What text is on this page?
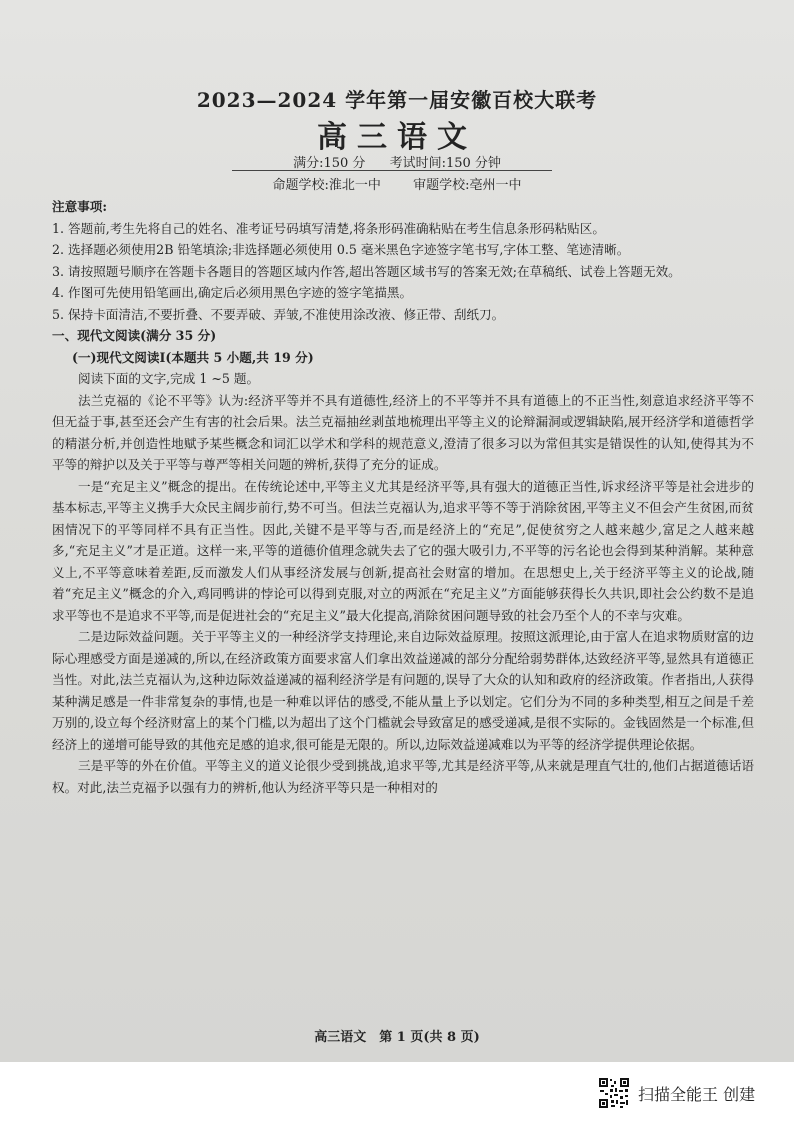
2023—2024 学年第一届安徽百校大联考
高三语文
满分:150 分 考试时间:150 分钟
命题学校:淮北一中 审题学校:亳州一中

注意事项:

1. 答题前,考生先将自己的姓名、准考证号码填写清楚,将条形码准确粘贴在考生信息条形码粘贴区。

2. 选择题必须使用2B 铅笔填涂;非选择题必须使用 0.5 毫米黑色字迹签字笔书写,字体工整、笔迹清晰。

3. 请按照题号顺序在答题卡各题目的答题区域内作答,超出答题区域书写的答案无效;在草稿纸、试卷上答题无效。

4. 作图可先使用铅笔画出,确定后必须用黑色字迹的签字笔描黑。

5. 保持卡面清洁,不要折叠、不要弄破、弄皱,不准使用涂改液、修正带、刮纸刀。

一、现代文阅读(满分 35 分)

(一)现代文阅读Ⅰ(本题共 5 小题,共 19 分)

阅读下面的文字,完成 1 ~5 题。

法兰克福的《论不平等》认为:经济平等并不具有道德性,经济上的不平等并不具有道德上的不正当性,刻意追求经济平等不但无益于事,甚至还会产生有害的社会后果。法兰克福抽丝剥茧地梳理出平等主义的论辩漏洞或逻辑缺陷,展开经济学和道德哲学的精湛分析,并创造性地赋予某些概念和词汇以学术和学科的规范意义,澄清了很多习以为常但其实是错误性的认知,使得其为不平等的辩护以及关于平等与尊严等相关问题的辨析,获得了充分的证成。

一是“充足主义”概念的提出。在传统论述中,平等主义尤其是经济平等,具有强大的道德正当性,诉求经济平等是社会进步的基本标志,平等主义携手大众民主阔步前行,势不可当。但法兰克福认为,追求平等不等于消除贫困,平等主义不但会产生贫困,而贫困情况下的平等同样不具有正当性。因此,关键不是平等与否,而是经济上的“充足”,促使贫穷之人越来越少,富足之人越来越多,“充足主义”才是正道。这样一来,平等的道德价值理念就失去了它的强大吸引力,不平等的污名论也会得到某种消解。某种意义上,不平等意味着差距,反而激发人们从事经济发展与创新,提高社会财富的增加。在思想史上,关于经济平等主义的论战,随着“充足主义”概念的介入,鸡同鸭讲的悖论可以得到克服,对立的两派在“充足主义”方面能够获得长久共识,即社会公约数不是追求平等也不是追求不平等,而是促进社会的“充足主义”最大化提高,消除贫困问题导致的社会乃至个人的不幸与灾难。

二是边际效益问题。关于平等主义的一种经济学支持理论,来自边际效益原理。按照这派理论,由于富人在追求物质财富的边际心理感受方面是递减的,所以,在经济政策方面要求富人们拿出效益递减的部分分配给弱势群体,达致经济平等,显然具有道德正当性。对此,法兰克福认为,这种边际效益递减的福利经济学是有问题的,误导了大众的认知和政府的经济政策。作者指出,人获得某种满足感是一件非常复杂的事情,也是一种难以评估的感受,不能从量上予以划定。它们分为不同的多种类型,相互之间是千差万别的,设立每个经济财富上的某个门槛,以为超出了这个门槛就会导致富足的感受递减,是很不实际的。金钱固然是一个标准,但经济上的递增可能导致的其他充足感的追求,很可能是无限的。所以,边际效益递减难以为平等的经济学提供理论依据。

三是平等的外在价值。平等主义的道义论很少受到挑战,追求平等,尤其是经济平等,从来就是理直气壮的,他们占据道德话语权。对此,法兰克福予以强有力的辨析,他认为经济平等只是一种相对的

高三语文　第 1 页(共 8 页)
扫描全能王 创建
